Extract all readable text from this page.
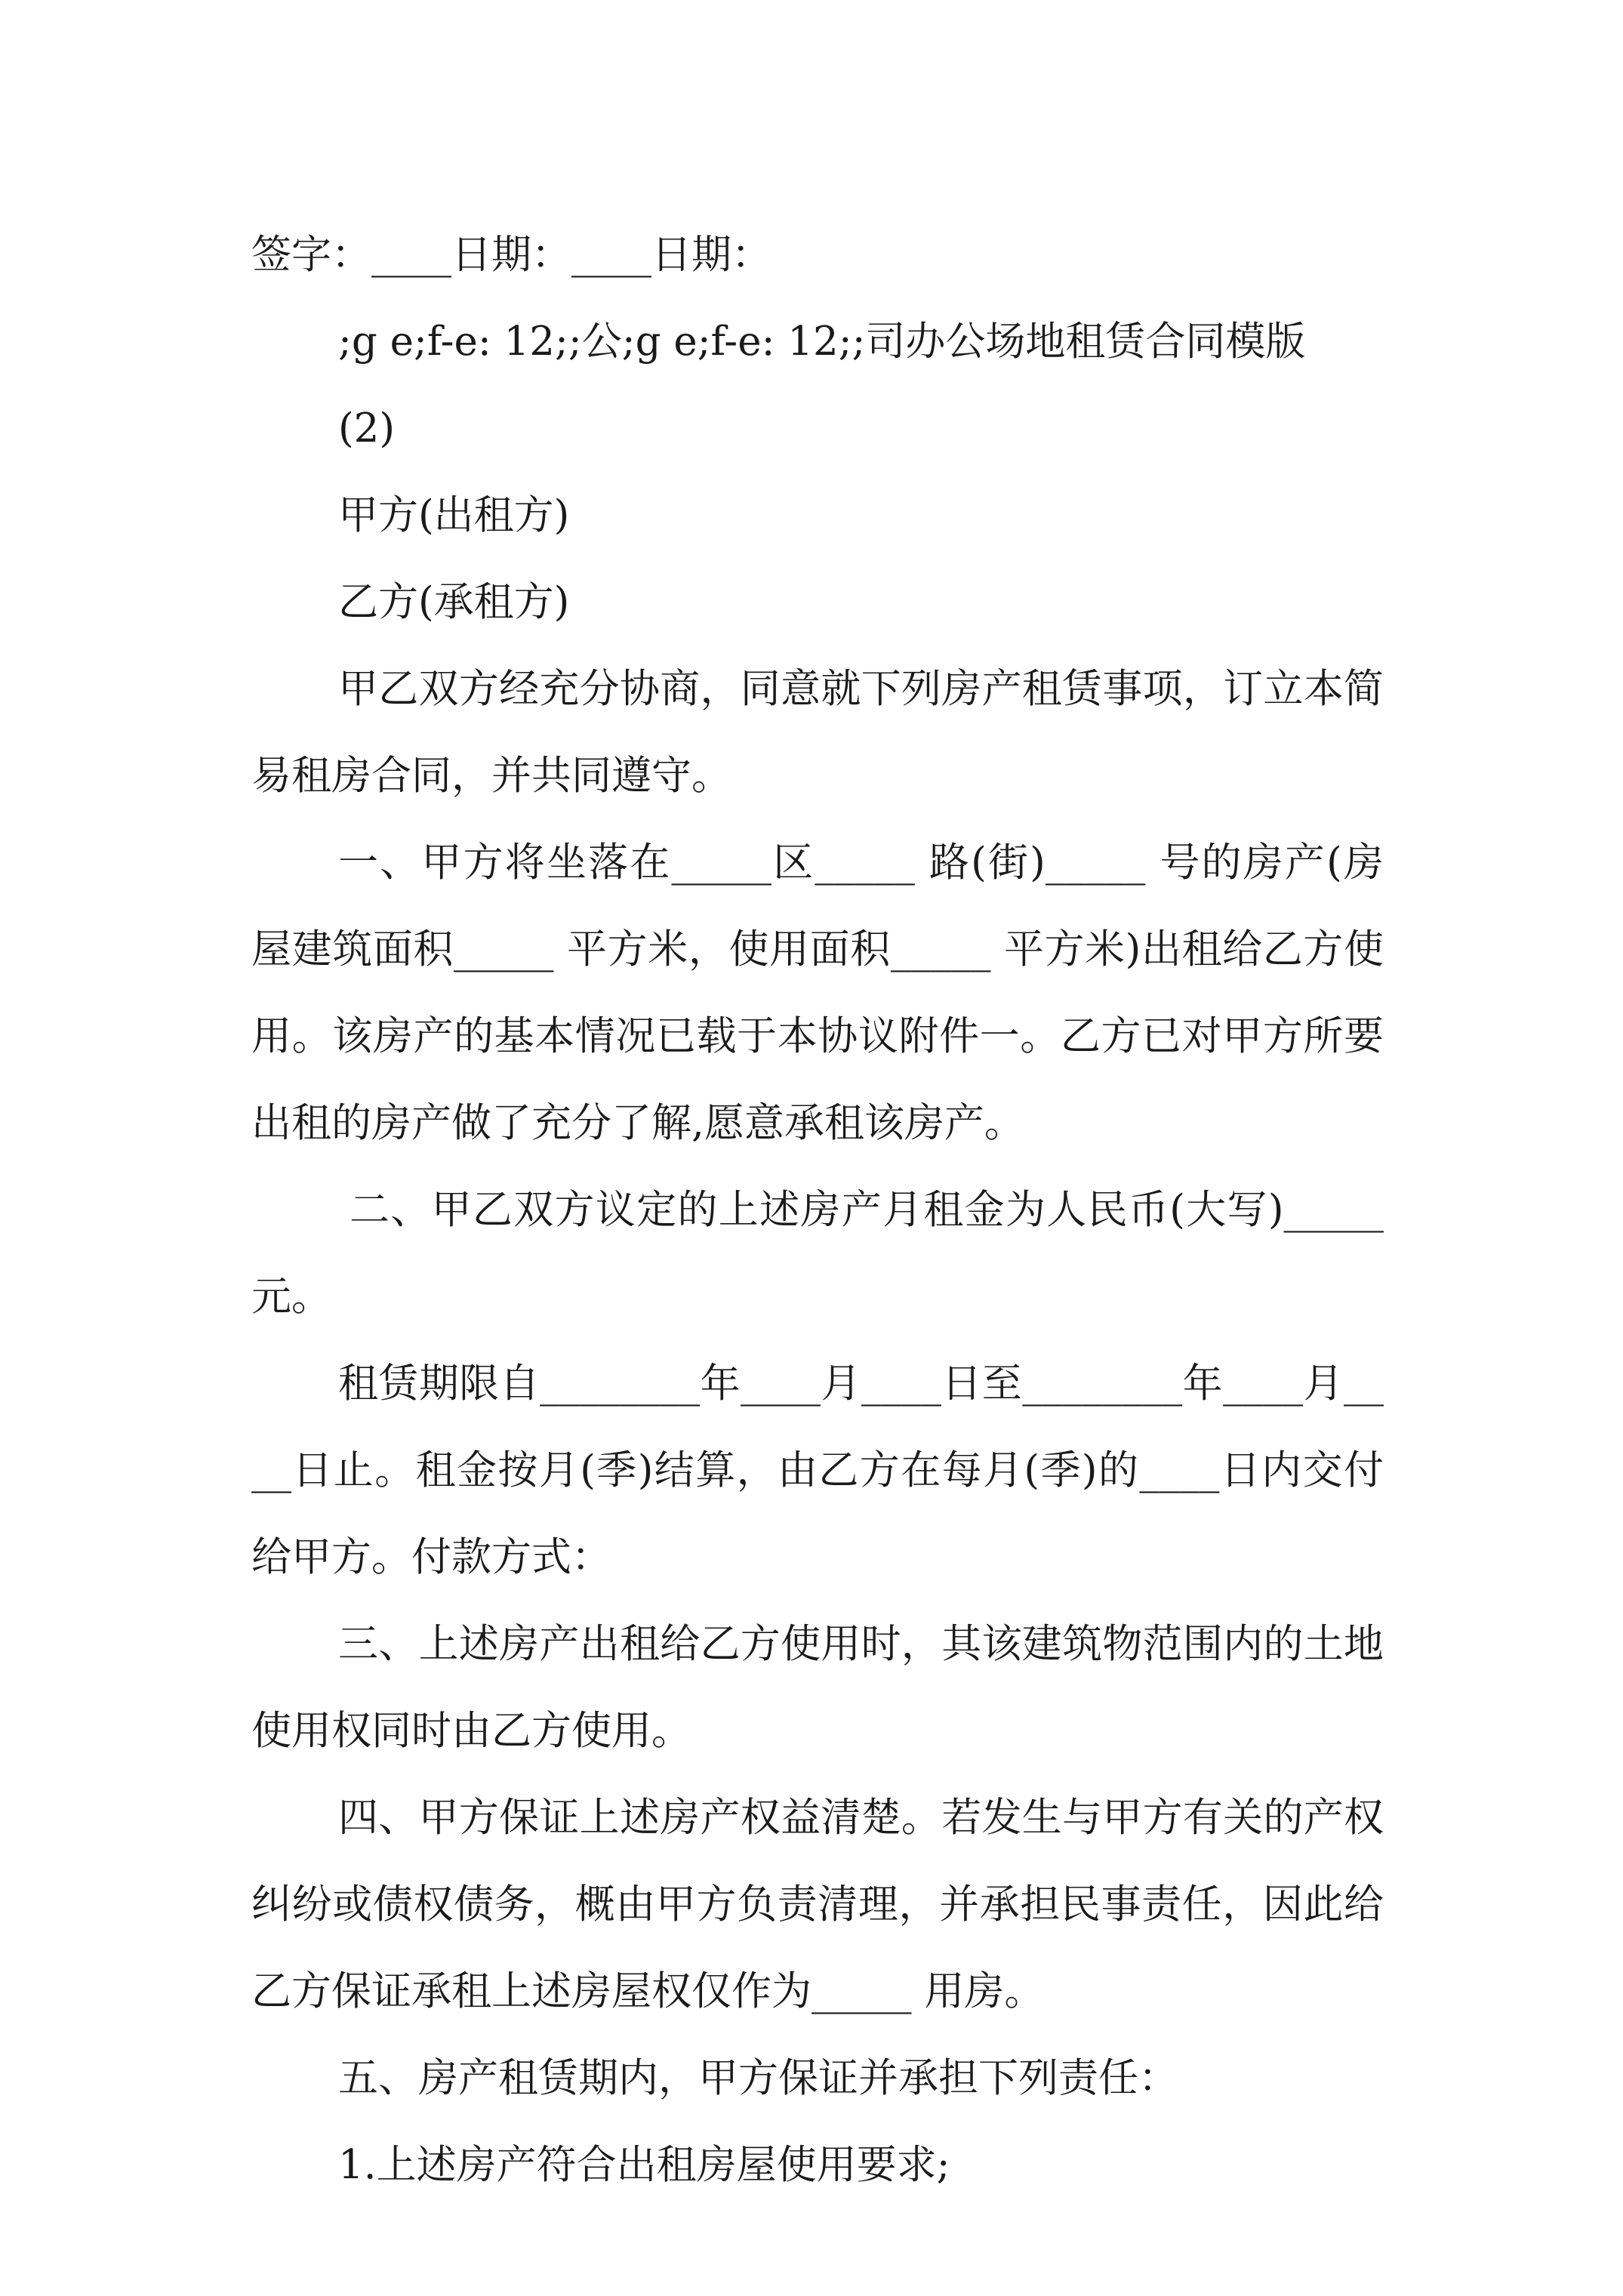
签字：____日期：____日期：

;g e;f-e: 12;;公;g e;f-e: 12;;司办公场地租赁合同模版

(2)

甲方(出租方)

乙方(承租方)

甲乙双方经充分协商，同意就下列房产租赁事项，订立本简易租房合同，并共同遵守。

一、甲方将坐落在_____区_____ 路(街)_____ 号的房产(房屋建筑面积_____ 平方米，使用面积_____ 平方米)出租给乙方使用。该房产的基本情况已载于本协议附件一。乙方已对甲方所要出租的房产做了充分了解,愿意承租该房产。

二、甲乙双方议定的上述房产月租金为人民币(大写)_____ 元。

租赁期限自________年____月____日至________年____月____日止。租金按月(季)结算，由乙方在每月(季)的____日内交付给甲方。付款方式：

三、上述房产出租给乙方使用时，其该建筑物范围内的土地使用权同时由乙方使用。

四、甲方保证上述房产权益清楚。若发生与甲方有关的产权纠纷或债权债务，概由甲方负责清理，并承担民事责任，因此给乙方保证承租上述房屋权仅作为_____ 用房。

五、房产租赁期内，甲方保证并承担下列责任：

1.上述房产符合出租房屋使用要求;
